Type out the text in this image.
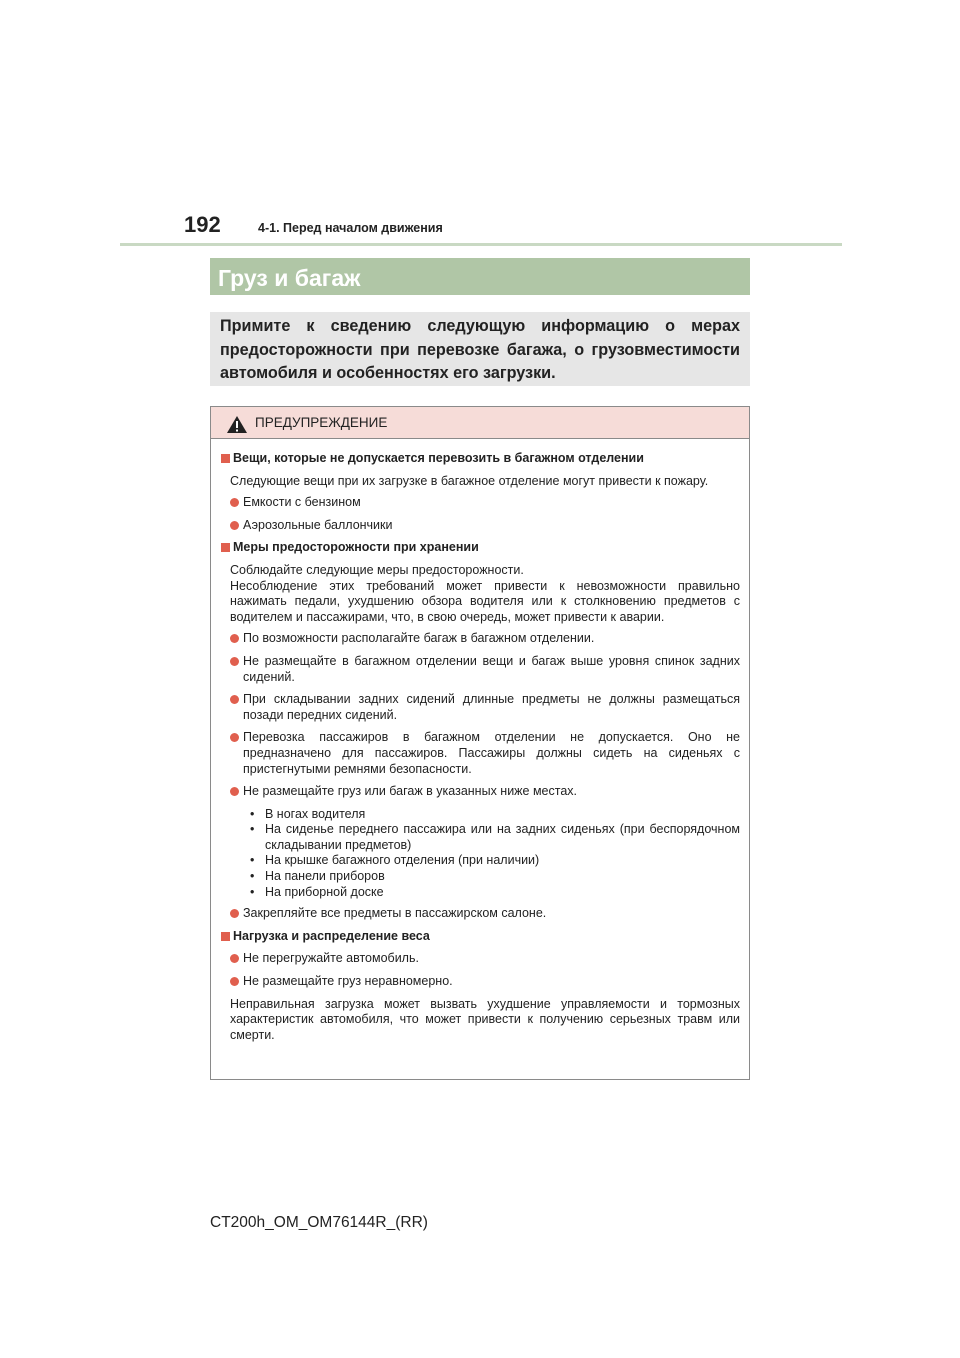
192	4-1. Перед началом движения
Груз и багаж
Примите к сведению следующую информацию о мерах предосторожности при перевозке багажа, о грузовместимости автомобиля и особенностях его загрузки.
ПРЕДУПРЕЖДЕНИЕ
Вещи, которые не допускается перевозить в багажном отделении
Следующие вещи при их загрузке в багажное отделение могут привести к пожару.
Емкости с бензином
Аэрозольные баллончики
Меры предосторожности при хранении
Соблюдайте следующие меры предосторожности.
Несоблюдение этих требований может привести к невозможности правильно нажимать педали, ухудшению обзора водителя или к столкновению предметов с водителем и пассажирами, что, в свою очередь, может привести к аварии.
По возможности располагайте багаж в багажном отделении.
Не размещайте в багажном отделении вещи и багаж выше уровня спинок задних сидений.
При складывании задних сидений длинные предметы не должны размещаться позади передних сидений.
Перевозка пассажиров в багажном отделении не допускается. Оно не предназначено для пассажиров. Пассажиры должны сидеть на сиденьях с пристегнутыми ремнями безопасности.
Не размещайте груз или багаж в указанных ниже местах.
• В ногах водителя
• На сиденье переднего пассажира или на задних сиденьях (при беспорядочном складывании предметов)
• На крышке багажного отделения (при наличии)
• На панели приборов
• На приборной доске
Закрепляйте все предметы в пассажирском салоне.
Нагрузка и распределение веса
Не перегружайте автомобиль.
Не размещайте груз неравномерно.
Неправильная загрузка может вызвать ухудшение управляемости и тормозных характеристик автомобиля, что может привести к получению серьезных травм или смерти.
CT200h_OM_OM76144R_(RR)
